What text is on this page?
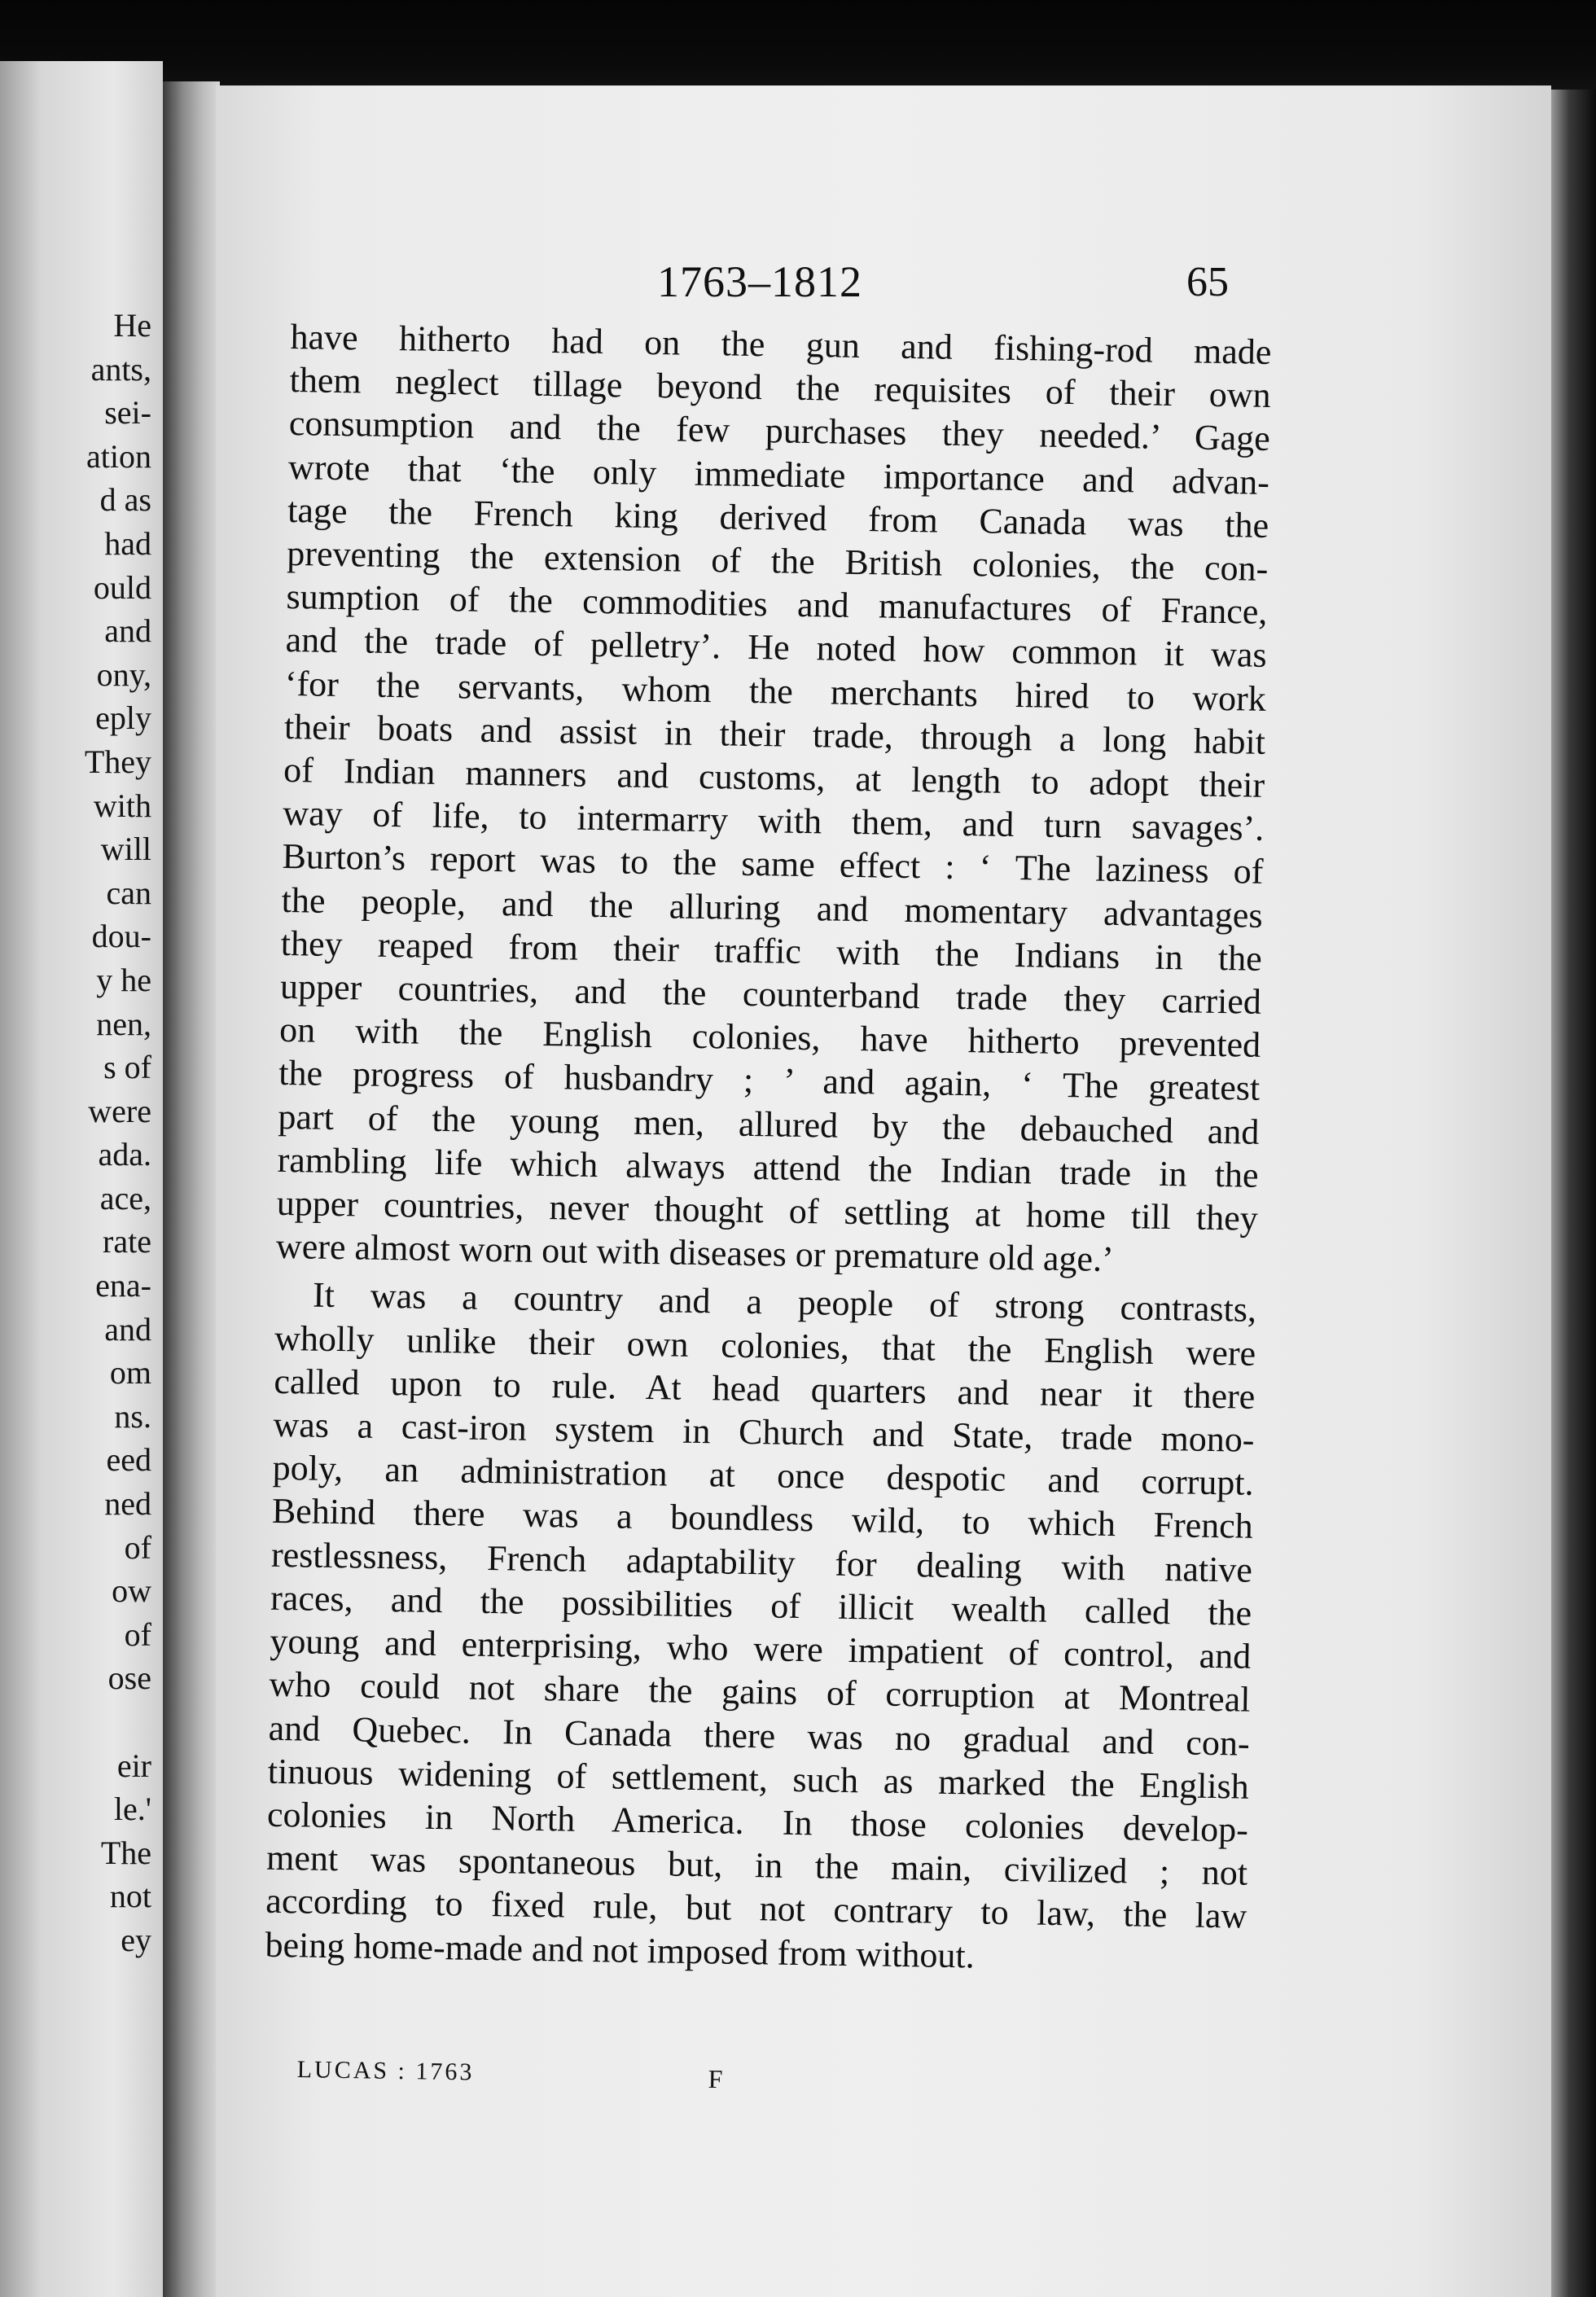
He
ants,
sei-
ation
d as
had
ould
and
ony,
eply
They
with
will
can
dou-
y he
nen,
s of
were
ada.
ace,
rate
ena-
and
om
ns.
eed
ned
of
ow
of
ose

eir
le.'
The
not
ey
1763–1812	65
have hitherto had on the gun and fishing-rod made
them neglect tillage beyond the requisites of their own
consumption and the few purchases they needed.’ Gage
wrote that ‘the only immediate importance and advan-
tage the French king derived from Canada was the
preventing the extension of the British colonies, the con-
sumption of the commodities and manufactures of France,
and the trade of pelletry’. He noted how common it was
‘for the servants, whom the merchants hired to work
their boats and assist in their trade, through a long habit
of Indian manners and customs, at length to adopt their
way of life, to intermarry with them, and turn savages’.
Burton’s report was to the same effect : ‘ The laziness of
the people, and the alluring and momentary advantages
they reaped from their traffic with the Indians in the
upper countries, and the counterband trade they carried
on with the English colonies, have hitherto prevented
the progress of husbandry ; ’ and again, ‘ The greatest
part of the young men, allured by the debauched and
rambling life which always attend the Indian trade in the
upper countries, never thought of settling at home till they
were almost worn out with diseases or premature old age.’
It was a country and a people of strong contrasts,
wholly unlike their own colonies, that the English were
called upon to rule. At head quarters and near it there
was a cast-iron system in Church and State, trade mono-
poly, an administration at once despotic and corrupt.
Behind there was a boundless wild, to which French
restlessness, French adaptability for dealing with native
races, and the possibilities of illicit wealth called the
young and enterprising, who were impatient of control, and
who could not share the gains of corruption at Montreal
and Quebec. In Canada there was no gradual and con-
tinuous widening of settlement, such as marked the English
colonies in North America. In those colonies develop-
ment was spontaneous but, in the main, civilized ; not
according to fixed rule, but not contrary to law, the law
being home-made and not imposed from without.
LUCAS : 1763	F
